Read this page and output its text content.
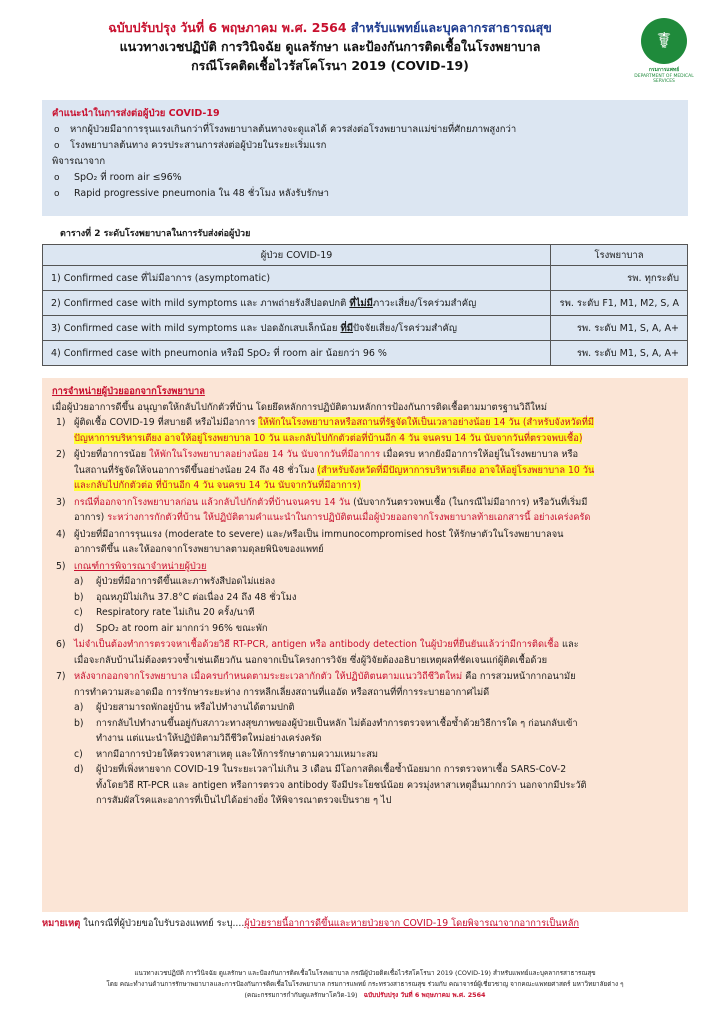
ฉบับปรับปรุง วันที่ 6 พฤษภาคม พ.ศ. 2564 สำหรับแพทย์และบุคลากรสาธารณสุข
แนวทางเวชปฏิบัติ การวินิจฉัย ดูแลรักษา และป้องกันการติดเชื้อในโรงพยาบาล
กรณีโรคติดเชื้อไวรัสโคโรนา 2019 (COVID-19)
☤
กรมการแพทย์
DEPARTMENT OF MEDICAL SERVICES
คำแนะนำในการส่งต่อผู้ป่วย COVID-19
o หากผู้ป่วยมีอาการรุนแรงเกินกว่าที่โรงพยาบาลต้นทางจะดูแลได้ ควรส่งต่อโรงพยาบาลแม่ข่ายที่ศักยภาพสูงกว่า
o โรงพยาบาลต้นทาง ควรประสานการส่งต่อผู้ป่วยในระยะเริ่มแรก
พิจารณาจาก
o SpO₂ ที่ room air ≤96%
o Rapid progressive pneumonia ใน 48 ชั่วโมง หลังรับรักษา
ตารางที่ 2 ระดับโรงพยาบาลในการรับส่งต่อผู้ป่วย
ผู้ป่วย COVID-19	โรงพยาบาล
1) Confirmed case ที่ไม่มีอาการ (asymptomatic)	รพ. ทุกระดับ
2) Confirmed case with mild symptoms และ ภาพถ่ายรังสีปอดปกติ ที่ไม่มีภาวะเสี่ยง/โรคร่วมสำคัญ	รพ. ระดับ F1, M1, M2, S, A
3) Confirmed case with mild symptoms และ ปอดอักเสบเล็กน้อย ที่มีปัจจัยเสี่ยง/โรคร่วมสำคัญ	รพ. ระดับ M1, S, A, A+
4) Confirmed case with pneumonia หรือมี SpO₂ ที่ room air น้อยกว่า 96 %	รพ. ระดับ M1, S, A, A+
การจำหน่ายผู้ป่วยออกจากโรงพยาบาล
เมื่อผู้ป่วยอาการดีขึ้น อนุญาตให้กลับไปกักตัวที่บ้าน โดยยึดหลักการปฏิบัติตามหลักการป้องกันการติดเชื้อตามมาตรฐานวิถีใหม่
1) ผู้ติดเชื้อ COVID-19 ที่สบายดี หรือไม่มีอาการ ให้พักในโรงพยาบาลหรือสถานที่รัฐจัดให้เป็นเวลาอย่างน้อย 14 วัน (สำหรับจังหวัดที่มี
ปัญหาการบริหารเตียง อาจให้อยู่โรงพยาบาล 10 วัน และกลับไปกักตัวต่อที่บ้านอีก 4 วัน จนครบ 14 วัน นับจากวันที่ตรวจพบเชื้อ)
2) ผู้ป่วยที่อาการน้อย ให้พักในโรงพยาบาลอย่างน้อย 14 วัน นับจากวันที่มีอาการ เมื่อครบ หากยังมีอาการให้อยู่ในโรงพยาบาล หรือ
ในสถานที่รัฐจัดให้จนอาการดีขึ้นอย่างน้อย 24 ถึง 48 ชั่วโมง (สำหรับจังหวัดที่มีปัญหาการบริหารเตียง อาจให้อยู่โรงพยาบาล 10 วัน
และกลับไปกักตัวต่อ ที่บ้านอีก 4 วัน จนครบ 14 วัน นับจากวันที่มีอาการ)
3) กรณีที่ออกจากโรงพยาบาลก่อน แล้วกลับไปกักตัวที่บ้านจนครบ 14 วัน (นับจากวันตรวจพบเชื้อ (ในกรณีไม่มีอาการ) หรือวันที่เริ่มมี
อาการ) ระหว่างการกักตัวที่บ้าน ให้ปฏิบัติตามคำแนะนำในการปฏิบัติตนเมื่อผู้ป่วยออกจากโรงพยาบาลท้ายเอกสารนี้ อย่างเคร่งครัด
4) ผู้ป่วยที่มีอาการรุนแรง (moderate to severe) และ/หรือเป็น immunocompromised host ให้รักษาตัวในโรงพยาบาลจน
อาการดีขึ้น และให้ออกจากโรงพยาบาลตามดุลยพินิจของแพทย์
5) เกณฑ์การพิจารณาจำหน่ายผู้ป่วย
a) ผู้ป่วยที่มีอาการดีขึ้นและภาพรังสีปอดไม่แย่ลง
b) อุณหภูมิไม่เกิน 37.8°C ต่อเนื่อง 24 ถึง 48 ชั่วโมง
c) Respiratory rate ไม่เกิน 20 ครั้ง/นาที
d) SpO₂ at room air มากกว่า 96% ขณะพัก
6) ไม่จำเป็นต้องทำการตรวจหาเชื้อด้วยวิธี RT-PCR, antigen หรือ antibody detection ในผู้ป่วยที่ยืนยันแล้วว่ามีการติดเชื้อ และ
เมื่อจะกลับบ้านไม่ต้องตรวจซ้ำเช่นเดียวกัน นอกจากเป็นโครงการวิจัย ซึ่งผู้วิจัยต้องอธิบายเหตุผลที่ชัดเจนแก่ผู้ติดเชื้อด้วย
7) หลังจากออกจากโรงพยาบาล เมื่อครบกำหนดตามระยะเวลากักตัว ให้ปฏิบัติตนตามแนววิถีชีวิตใหม่ คือ การสวมหน้ากากอนามัย
การทำความสะอาดมือ การรักษาระยะห่าง การหลีกเลี่ยงสถานที่แออัด หรือสถานที่ที่การระบายอากาศไม่ดี
a) ผู้ป่วยสามารถพักอยู่บ้าน หรือไปทำงานได้ตามปกติ
b) การกลับไปทำงานขึ้นอยู่กับสภาวะทางสุขภาพของผู้ป่วยเป็นหลัก ไม่ต้องทำการตรวจหาเชื้อซ้ำด้วยวิธีการใด ๆ ก่อนกลับเข้า
ทำงาน แต่แนะนำให้ปฏิบัติตามวิถีชีวิตใหม่อย่างเคร่งครัด
c) หากมีอาการป่วยให้ตรวจหาสาเหตุ และให้การรักษาตามความเหมาะสม
d) ผู้ป่วยที่เพิ่งหายจาก COVID-19 ในระยะเวลาไม่เกิน 3 เดือน มีโอกาสติดเชื้อซ้ำน้อยมาก การตรวจหาเชื้อ SARS-CoV-2
ทั้งโดยวิธี RT-PCR และ antigen หรือการตรวจ antibody จึงมีประโยชน์น้อย ควรมุ่งหาสาเหตุอื่นมากกว่า นอกจากมีประวัติ
การสัมผัสโรคและอาการที่เป็นไปได้อย่างยิ่ง ให้พิจารณาตรวจเป็นราย ๆ ไป
หมายเหตุ ในกรณีที่ผู้ป่วยขอใบรับรองแพทย์ ระบุ....ผู้ป่วยรายนี้อาการดีขึ้นและหายป่วยจาก COVID-19 โดยพิจารณาจากอาการเป็นหลัก
แนวทางเวชปฏิบัติ การวินิจฉัย ดูแลรักษา และป้องกันการติดเชื้อในโรงพยาบาล กรณีผู้ป่วยติดเชื้อไวรัสโคโรนา 2019 (COVID-19) สำหรับแพทย์และบุคลากรสาธารณสุข
โดย คณะทำงานด้านการรักษาพยาบาลและการป้องกันการติดเชื้อในโรงพยาบาล กรมการแพทย์ กระทรวงสาธารณสุข ร่วมกับ คณาจารย์ผู้เชี่ยวชาญ จากคณะแพทยศาสตร์ มหาวิทยาลัยต่าง ๆ
(คณะกรรมการกำกับดูแลรักษาโควิด-19) ฉบับปรับปรุง วันที่ 6 พฤษภาคม พ.ศ. 2564
